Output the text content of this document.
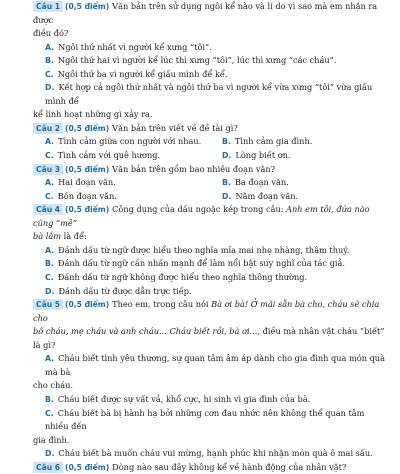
Câu 1 (0,5 điểm) Văn bản trên sử dụng ngôi kể nào và lí do vì sao mà em nhận ra được

điều đó?

A. Ngôi thứ nhất vì người kể xưng “tôi”.
B. Ngôi thứ hai vì người kể lúc thì xưng “tôi”, lúc thì xưng “các cháu”.
C. Ngôi thứ ba vì người kể giấu mình để kể.
D. Kết hợp cả ngôi thứ nhất và ngôi thứ ba vì người kể vừa xưng “tôi” vừa giấu mình để
kể linh hoạt những gì xảy ra.

Câu 2 (0,5 điểm) Văn bản trên viết về đề tài gì?

A. Tình cảm giữa con người với nhau.	B. Tình cảm gia đình.
C. Tình cảm với quê hương.	D. Lòng biết ơn.

Câu 3 (0,5 điểm) Văn bản trên gồm bao nhiêu đoạn văn?

A. Hai đoạn văn.	B. Ba đoạn văn.
C. Bốn đoạn văn.	D. Năm đoạn văn.

Câu 4 (0,5 điểm) Công dụng của dấu ngoặc kép trong câu: Anh em tôi, đứa nào cũng “mê”

bà lắm là để:

A. Đánh dấu từ ngữ được hiểu theo nghĩa mỉa mai nhẹ nhàng, thâm thuý.
B. Đánh dấu từ ngữ cần nhấn mạnh để làm nổi bật suy nghĩ của tác giả.
C. Đánh dấu từ ngữ không được hiểu theo nghĩa thông thường.
D. Đánh dấu từ được dẫn trực tiếp.

Câu 5 (0,5 điểm) Theo em, trong câu nói Bà ơi bà! Ở mãi sẵn bà cho, cháu sẽ chia cho

bố cháu, mẹ cháu và anh cháu... Cháu biết rồi, bà ơi..., điều mà nhân vật cháu “biết” là gì?

A. Cháu biết tình yêu thương, sự quan tâm âm áp dành cho gia đình qua món quà mà bà
cho cháu.
B. Cháu biết được sự vất vả, khổ cực, hi sinh vì gia đình của bà.
C. Cháu biết bà bị hành hạ bởi những cơn đau nhức nên không thể quan tâm nhiều đến
gia đình.
D. Cháu biết bà muốn cháu vui mừng, hạnh phúc khi nhận món quà ô mai sấu.

Câu 6 (0,5 điểm) Dòng nào sau đây không kể về hành động của nhân vật?
